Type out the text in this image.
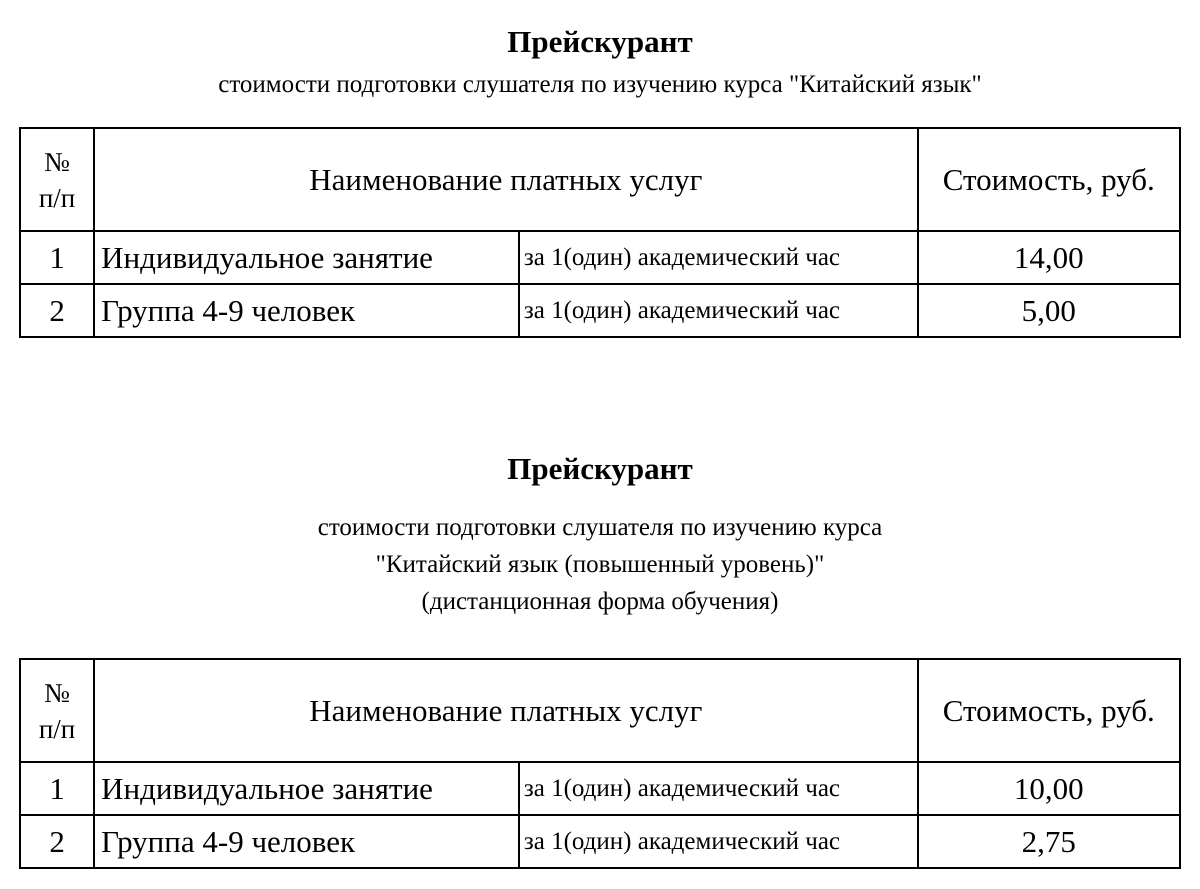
Прейскурант

стоимости подготовки слушателя по изучению курса "Китайский язык"

№
п/п	Наименование платных услуг		Стоимость, руб.
1	Индивидуальное занятие	за 1(один) академический час	14,00
2	Группа 4-9 человек	за 1(один) академический час	5,00
Прейскурант

стоимости подготовки слушателя по изучению курса

"Китайский язык (повышенный уровень)"

(дистанционная форма обучения)

№
п/п	Наименование платных услуг		Стоимость, руб.
1	Индивидуальное занятие	за 1(один) академический час	10,00
2	Группа 4-9 человек	за 1(один) академический час	2,75
